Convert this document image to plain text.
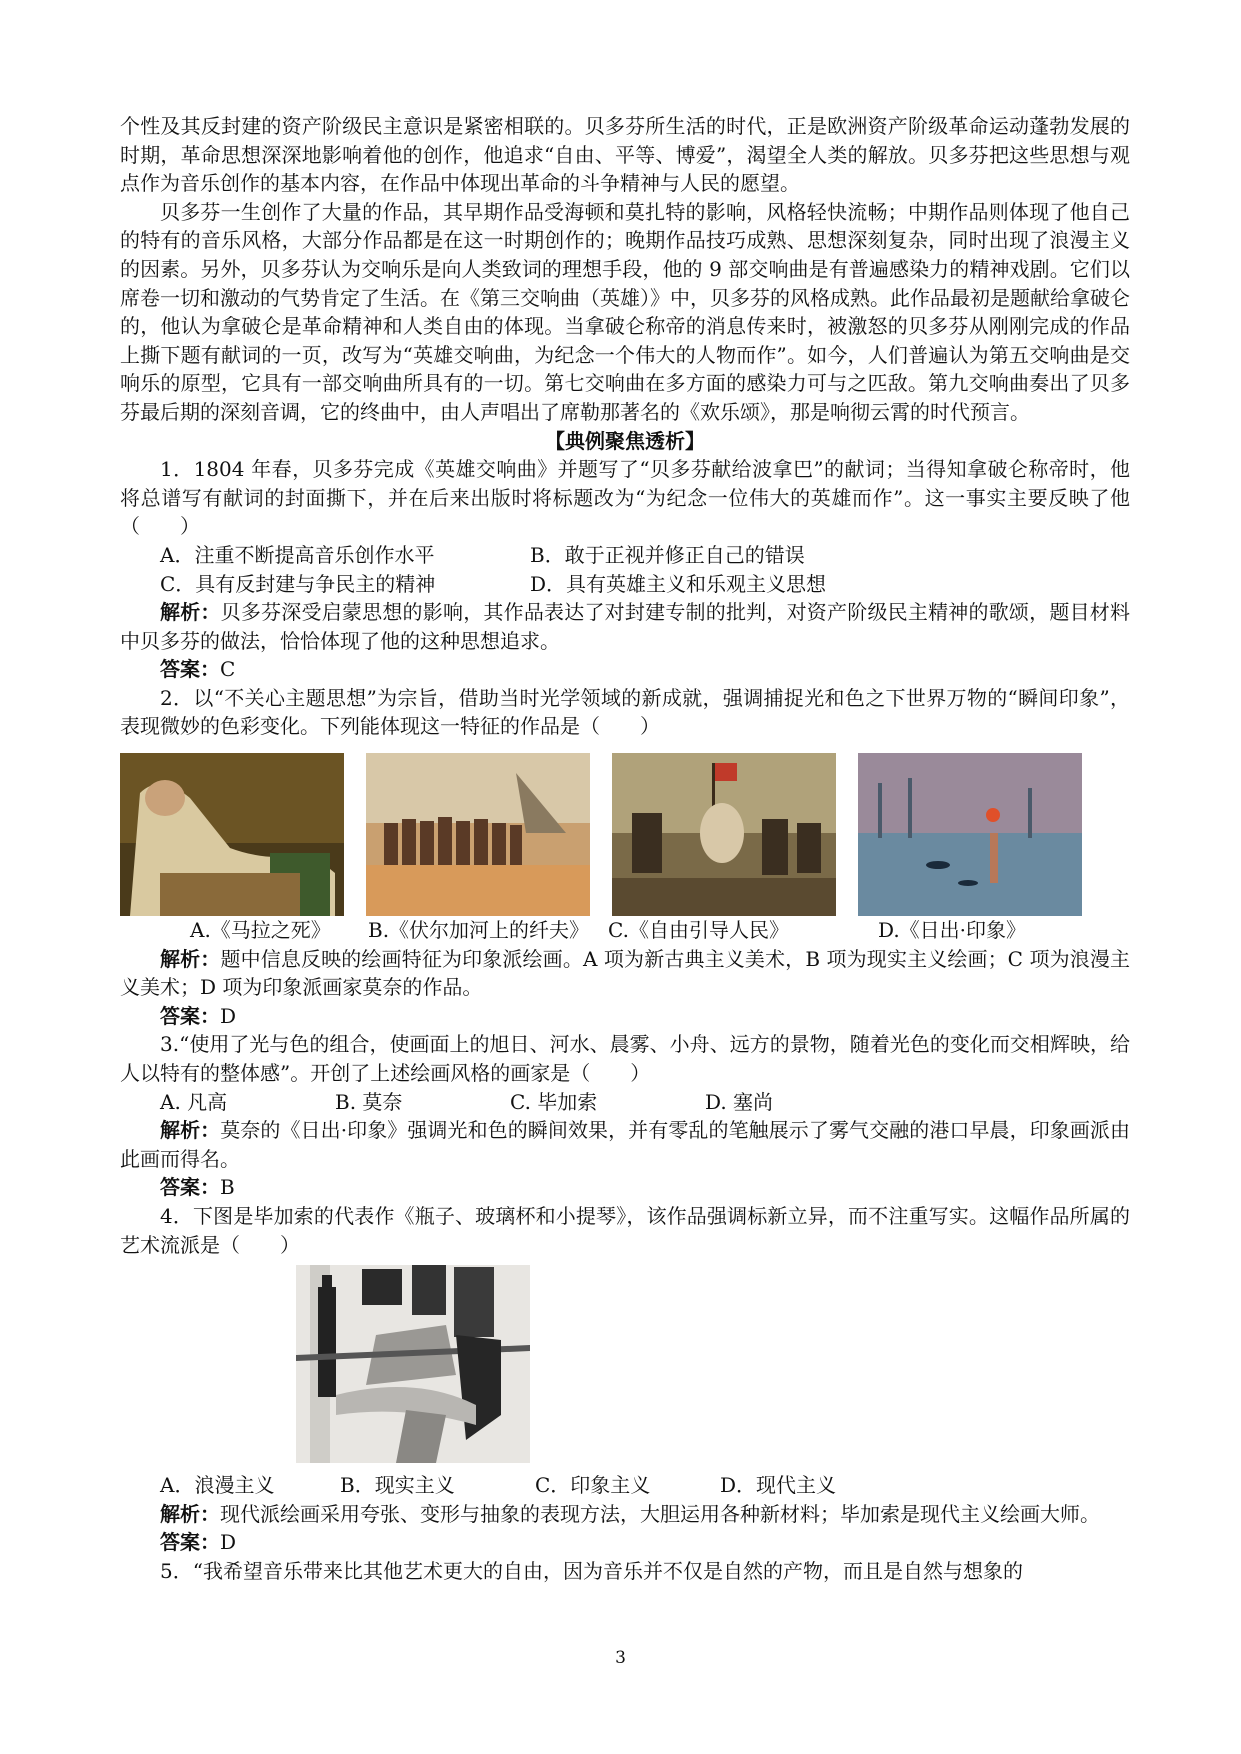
个性及其反封建的资产阶级民主意识是紧密相联的。贝多芬所生活的时代，正是欧洲资产阶级革命运动蓬勃发展的时期，革命思想深深地影响着他的创作，他追求“自由、平等、博爱”，渴望全人类的解放。贝多芬把这些思想与观点作为音乐创作的基本内容，在作品中体现出革命的斗争精神与人民的愿望。

贝多芬一生创作了大量的作品，其早期作品受海顿和莫扎特的影响，风格轻快流畅；中期作品则体现了他自己的特有的音乐风格，大部分作品都是在这一时期创作的；晚期作品技巧成熟、思想深刻复杂，同时出现了浪漫主义的因素。另外，贝多芬认为交响乐是向人类致词的理想手段，他的 9 部交响曲是有普遍感染力的精神戏剧。它们以席卷一切和激动的气势肯定了生活。在《第三交响曲（英雄）》中，贝多芬的风格成熟。此作品最初是题献给拿破仑的，他认为拿破仑是革命精神和人类自由的体现。当拿破仑称帝的消息传来时，被激怒的贝多芬从刚刚完成的作品上撕下题有献词的一页，改写为“英雄交响曲，为纪念一个伟大的人物而作”。如今，人们普遍认为第五交响曲是交响乐的原型，它具有一部交响曲所具有的一切。第七交响曲在多方面的感染力可与之匹敌。第九交响曲奏出了贝多芬最后期的深刻音调，它的终曲中，由人声唱出了席勒那著名的《欢乐颂》，那是响彻云霄的时代预言。

【典例聚焦透析】

1．1804 年春，贝多芬完成《英雄交响曲》并题写了“贝多芬献给波拿巴”的献词；当得知拿破仑称帝时，他将总谱写有献词的封面撕下，并在后来出版时将标题改为“为纪念一位伟大的英雄而作”。这一事实主要反映了他（　　）

A．注重不断提高音乐创作水平	B．敢于正视并修正自己的错误
C．具有反封建与争民主的精神	D．具有英雄主义和乐观主义思想

解析：贝多芬深受启蒙思想的影响，其作品表达了对封建专制的批判，对资产阶级民主精神的歌颂，题目材料中贝多芬的做法，恰恰体现了他的这种思想追求。

答案：C

2．以“不关心主题思想”为宗旨，借助当时光学领域的新成就，强调捕捉光和色之下世界万物的“瞬间印象”，表现微妙的色彩变化。下列能体现这一特征的作品是（　　）

A.《马拉之死》	B.《伏尔加河上的纤夫》 C.《自由引导人民》	D.《日出·印象》

解析：题中信息反映的绘画特征为印象派绘画。A 项为新古典主义美术，B 项为现实主义绘画；C 项为浪漫主义美术；D 项为印象派画家莫奈的作品。

答案：D

3.“使用了光与色的组合，使画面上的旭日、河水、晨雾、小舟、远方的景物，随着光色的变化而交相辉映，给人以特有的整体感”。开创了上述绘画风格的画家是（　　）

A. 凡高	B. 莫奈	C. 毕加索	D. 塞尚

解析：莫奈的《日出·印象》强调光和色的瞬间效果，并有零乱的笔触展示了雾气交融的港口早晨，印象画派由此画而得名。

答案：B

4．下图是毕加索的代表作《瓶子、玻璃杯和小提琴》，该作品强调标新立异，而不注重写实。这幅作品所属的艺术流派是（　　）

A．浪漫主义	B．现实主义	C．印象主义	D．现代主义

解析：现代派绘画采用夸张、变形与抽象的表现方法，大胆运用各种新材料；毕加索是现代主义绘画大师。

答案：D

5．“我希望音乐带来比其他艺术更大的自由，因为音乐并不仅是自然的产物，而且是自然与想象的

3
